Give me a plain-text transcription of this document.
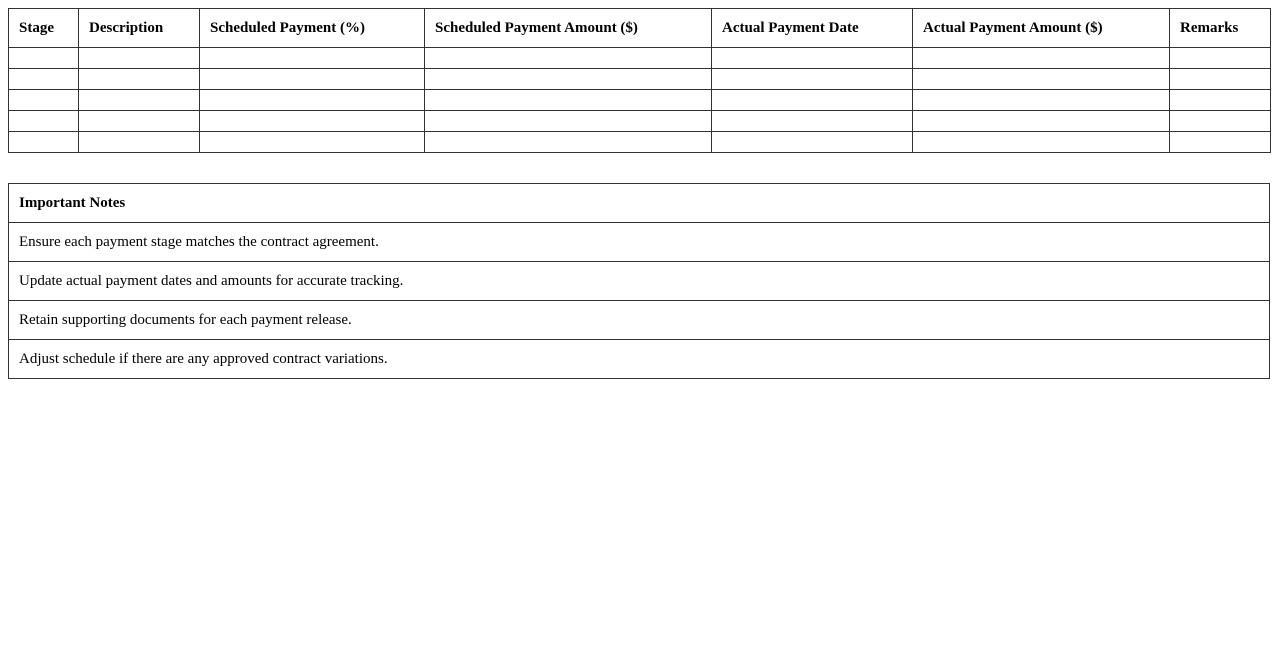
Stage	Description	Scheduled Payment (%)	Scheduled Payment Amount ($)	Actual Payment Date	Actual Payment Amount ($)	Remarks

Important Notes
Ensure each payment stage matches the contract agreement.
Update actual payment dates and amounts for accurate tracking.
Retain supporting documents for each payment release.
Adjust schedule if there are any approved contract variations.
